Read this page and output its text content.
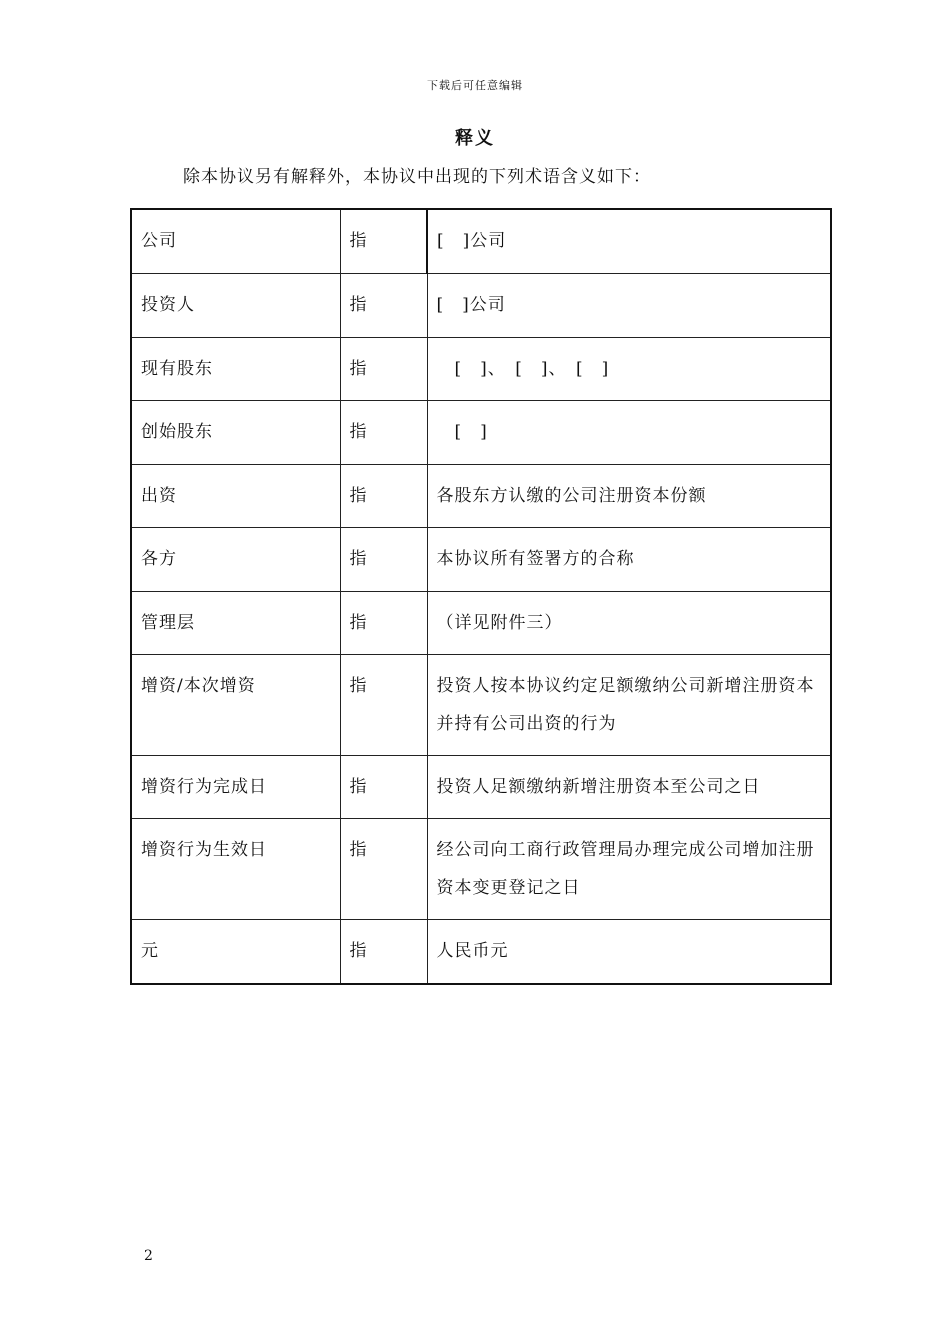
下载后可任意编辑
释义
除本协议另有解释外，本协议中出现的下列术语含义如下：
公司	指	[　]公司
投资人	指	[　]公司
现有股东	指	　[　]、　[　]、　[　]
创始股东	指	　[　]
出资	指	各股东方认缴的公司注册资本份额
各方	指	本协议所有签署方的合称
管理层	指	（详见附件三）
增资/本次增资	指	投资人按本协议约定足额缴纳公司新增注册资本并持有公司出资的行为
增资行为完成日	指	投资人足额缴纳新增注册资本至公司之日
增资行为生效日	指	经公司向工商行政管理局办理完成公司增加注册资本变更登记之日
元	指	人民币元
2
